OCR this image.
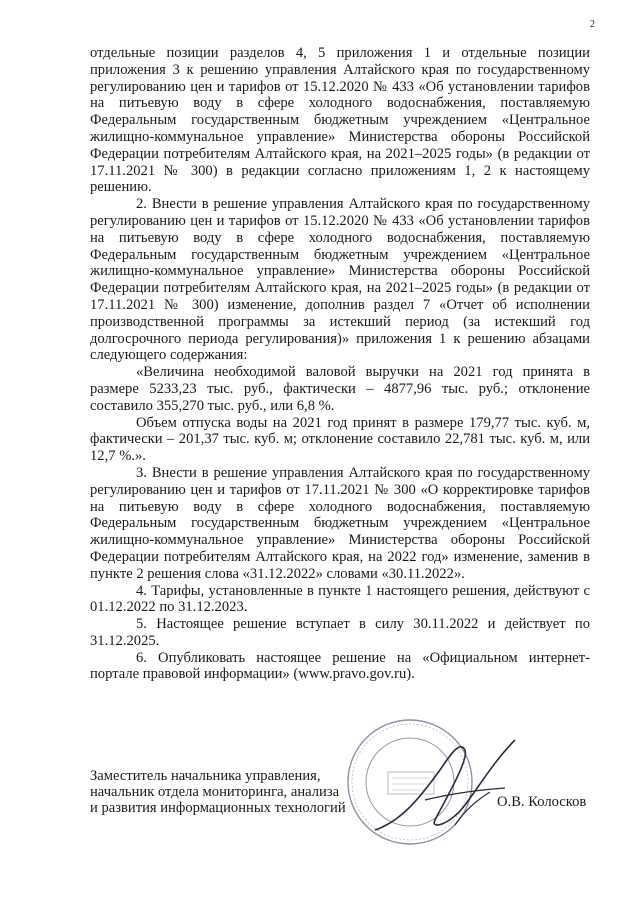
2

отдельные позиции разделов 4, 5 приложения 1 и отдельные позиции приложения 3 к решению управления Алтайского края по государственному регулированию цен и тарифов от 15.12.2020 № 433 «Об установлении тарифов на питьевую воду в сфере холодного водоснабжения, поставляемую Федеральным государственным бюджетным учреждением «Центральное жилищно-коммунальное управление» Министерства обороны Российской Федерации потребителям Алтайского края, на 2021–2025 годы» (в редакции от 17.11.2021 № 300) в редакции согласно приложениям 1, 2 к настоящему решению.

2. Внести в решение управления Алтайского края по государственному регулированию цен и тарифов от 15.12.2020 № 433 «Об установлении тарифов на питьевую воду в сфере холодного водоснабжения, поставляемую Федеральным государственным бюджетным учреждением «Центральное жилищно-коммунальное управление» Министерства обороны Российской Федерации потребителям Алтайского края, на 2021–2025 годы» (в редакции от 17.11.2021 № 300) изменение, дополнив раздел 7 «Отчет об исполнении производственной программы за истекший период (за истекший год долгосрочного периода регулирования)» приложения 1 к решению абзацами следующего содержания:

«Величина необходимой валовой выручки на 2021 год принята в размере 5233,23 тыс. руб., фактически – 4877,96 тыс. руб.; отклонение составило 355,270 тыс. руб., или 6,8 %.

Объем отпуска воды на 2021 год принят в размере 179,77 тыс. куб. м, фактически – 201,37 тыс. куб. м; отклонение составило 22,781 тыс. куб. м, или 12,7 %.».

3. Внести в решение управления Алтайского края по государственному регулированию цен и тарифов от 17.11.2021 № 300 «О корректировке тарифов на питьевую воду в сфере холодного водоснабжения, поставляемую Федеральным государственным бюджетным учреждением «Центральное жилищно-коммунальное управление» Министерства обороны Российской Федерации потребителям Алтайского края, на 2022 год» изменение, заменив в пункте 2 решения слова «31.12.2022» словами «30.11.2022».

4. Тарифы, установленные в пункте 1 настоящего решения, действуют с 01.12.2022 по 31.12.2023.

5. Настоящее решение вступает в силу 30.11.2022 и действует по 31.12.2025.

6. Опубликовать настоящее решение на «Официальном интернет-портале правовой информации» (www.pravo.gov.ru).

Заместитель начальника управления,
начальник отдела мониторинга, анализа
и развития информационных технологий	О.В. Колосков
